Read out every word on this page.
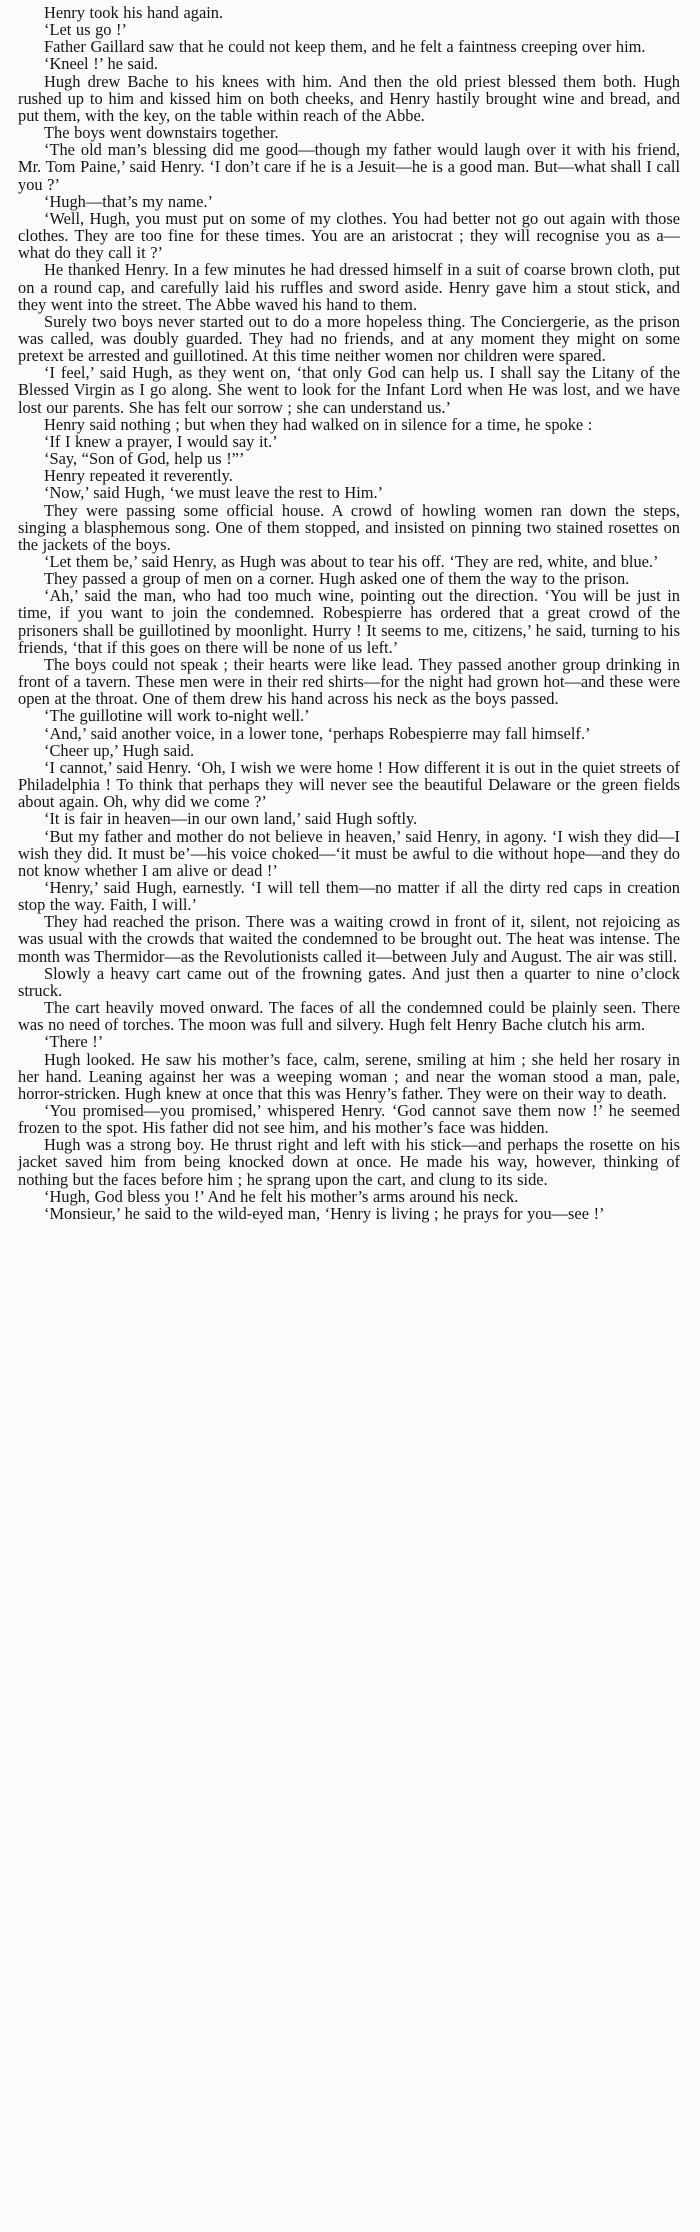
Henry took his hand again.

‘Let us go !’

Father Gaillard saw that he could not keep them, and he felt a faintness creeping over him.

‘Kneel !’ he said.

Hugh drew Bache to his knees with him. And then the old priest blessed them both. Hugh rushed up to him and kissed him on both cheeks, and Henry hastily brought wine and bread, and put them, with the key, on the table within reach of the Abbe.

The boys went downstairs together.

‘The old man’s blessing did me good—though my father would laugh over it with his friend, Mr. Tom Paine,’ said Henry. ‘I don’t care if he is a Jesuit—he is a good man. But—what shall I call you ?’

‘Hugh—that’s my name.’

‘Well, Hugh, you must put on some of my clothes. You had better not go out again with those clothes. They are too fine for these times. You are an aristocrat ; they will recognise you as a—what do they call it ?’

He thanked Henry. In a few minutes he had dressed himself in a suit of coarse brown cloth, put on a round cap, and carefully laid his ruffles and sword aside. Henry gave him a stout stick, and they went into the street. The Abbe waved his hand to them.

Surely two boys never started out to do a more hopeless thing. The Conciergerie, as the prison was called, was doubly guarded. They had no friends, and at any moment they might on some pretext be arrested and guillotined. At this time neither women nor children were spared.

‘I feel,’ said Hugh, as they went on, ‘that only God can help us. I shall say the Litany of the Blessed Virgin as I go along. She went to look for the Infant Lord when He was lost, and we have lost our parents. She has felt our sorrow ; she can understand us.’

Henry said nothing ; but when they had walked on in silence for a time, he spoke :

‘If I knew a prayer, I would say it.’

‘Say, “Son of God, help us !”’

Henry repeated it reverently.

‘Now,’ said Hugh, ‘we must leave the rest to Him.’

They were passing some official house. A crowd of howling women ran down the steps, singing a blasphemous song. One of them stopped, and insisted on pinning two stained rosettes on the jackets of the boys.

‘Let them be,’ said Henry, as Hugh was about to tear his off. ‘They are red, white, and blue.’

They passed a group of men on a corner. Hugh asked one of them the way to the prison.

‘Ah,’ said the man, who had too much wine, pointing out the direction. ‘You will be just in time, if you want to join the condemned. Robespierre has ordered that a great crowd of the prisoners shall be guillotined by moonlight. Hurry ! It seems to me, citizens,’ he said, turning to his friends, ‘that if this goes on there will be none of us left.’

The boys could not speak ; their hearts were like lead. They passed another group drinking in front of a tavern. These men were in their red shirts—for the night had grown hot—and these were open at the throat. One of them drew his hand across his neck as the boys passed.

‘The guillotine will work to-night well.’

‘And,’ said another voice, in a lower tone, ‘perhaps Robespierre may fall himself.’

‘Cheer up,’ Hugh said.

‘I cannot,’ said Henry. ‘Oh, I wish we were home ! How different it is out in the quiet streets of Philadelphia ! To think that perhaps they will never see the beautiful Delaware or the green fields about again. Oh, why did we come ?’

‘It is fair in heaven—in our own land,’ said Hugh softly.

‘But my father and mother do not believe in heaven,’ said Henry, in agony. ‘I wish they did—I wish they did. It must be’—his voice choked—‘it must be awful to die without hope—and they do not know whether I am alive or dead !’

‘Henry,’ said Hugh, earnestly. ‘I will tell them—no matter if all the dirty red caps in creation stop the way. Faith, I will.’

They had reached the prison. There was a waiting crowd in front of it, silent, not rejoicing as was usual with the crowds that waited the condemned to be brought out. The heat was intense. The month was Thermidor—as the Revolutionists called it—between July and August. The air was still.

Slowly a heavy cart came out of the frowning gates. And just then a quarter to nine o’clock struck.

The cart heavily moved onward. The faces of all the condemned could be plainly seen. There was no need of torches. The moon was full and silvery. Hugh felt Henry Bache clutch his arm.

‘There !’

Hugh looked. He saw his mother’s face, calm, serene, smiling at him ; she held her rosary in her hand. Leaning against her was a weeping woman ; and near the woman stood a man, pale, horror-stricken. Hugh knew at once that this was Henry’s father. They were on their way to death.

‘You promised—you promised,’ whispered Henry. ‘God cannot save them now !’ he seemed frozen to the spot. His father did not see him, and his mother’s face was hidden.

Hugh was a strong boy. He thrust right and left with his stick—and perhaps the rosette on his jacket saved him from being knocked down at once. He made his way, however, thinking of nothing but the faces before him ; he sprang upon the cart, and clung to its side.

‘Hugh, God bless you !’ And he felt his mother’s arms around his neck.

‘Monsieur,’ he said to the wild-eyed man, ‘Henry is living ; he prays for you—see !’
